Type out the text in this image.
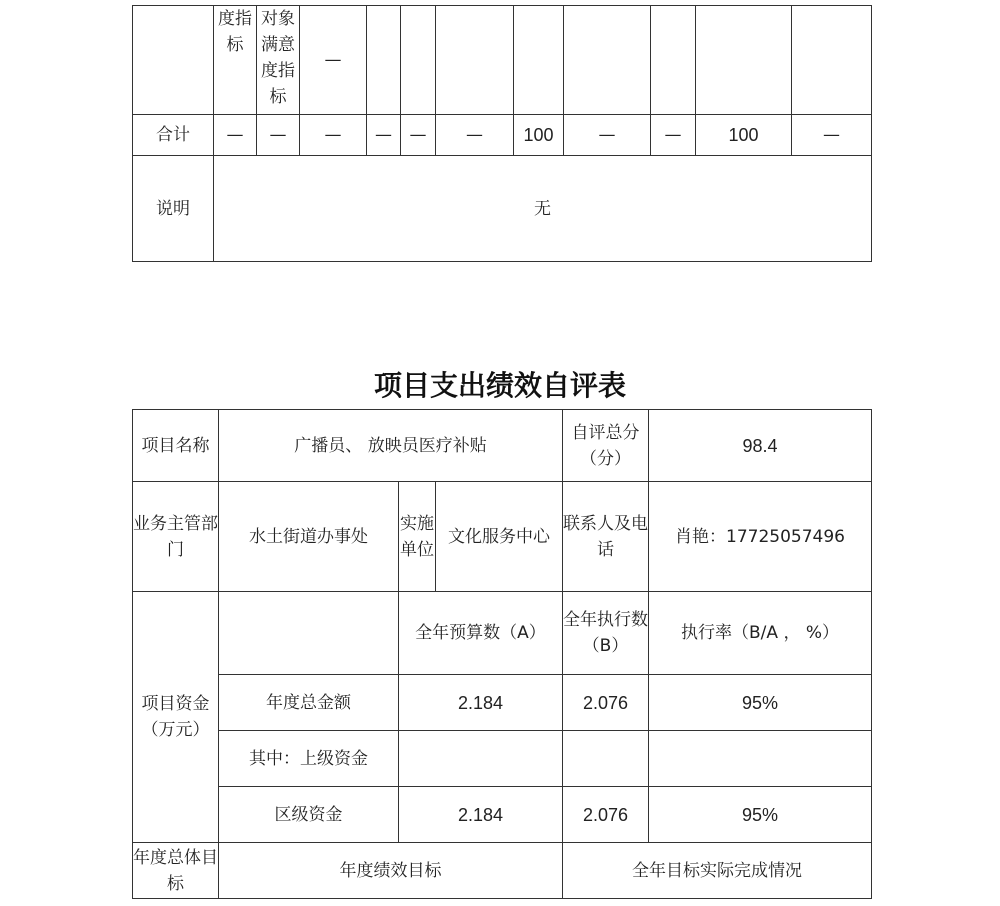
	度指标	对象满意度指标	—								
合计	—	—	—	—	—	—	100	—	—	100	—
说明	无										
项目支出绩效自评表
项目名称	广播员、 放映员医疗补贴			自评总分（分）	98.4
业务主管部门	水土街道办事处	实施单位	文化服务中心	联系人及电话	肖艳：17725057496
项目资金（万元）		全年预算数（A）		全年执行数（B）	执行率（B/A ， %）
	年度总金额	2.184		2.076	95%
	其中：上级资金				
	区级资金	2.184		2.076	95%
年度总体目标	年度绩效目标			全年目标实际完成情况	
